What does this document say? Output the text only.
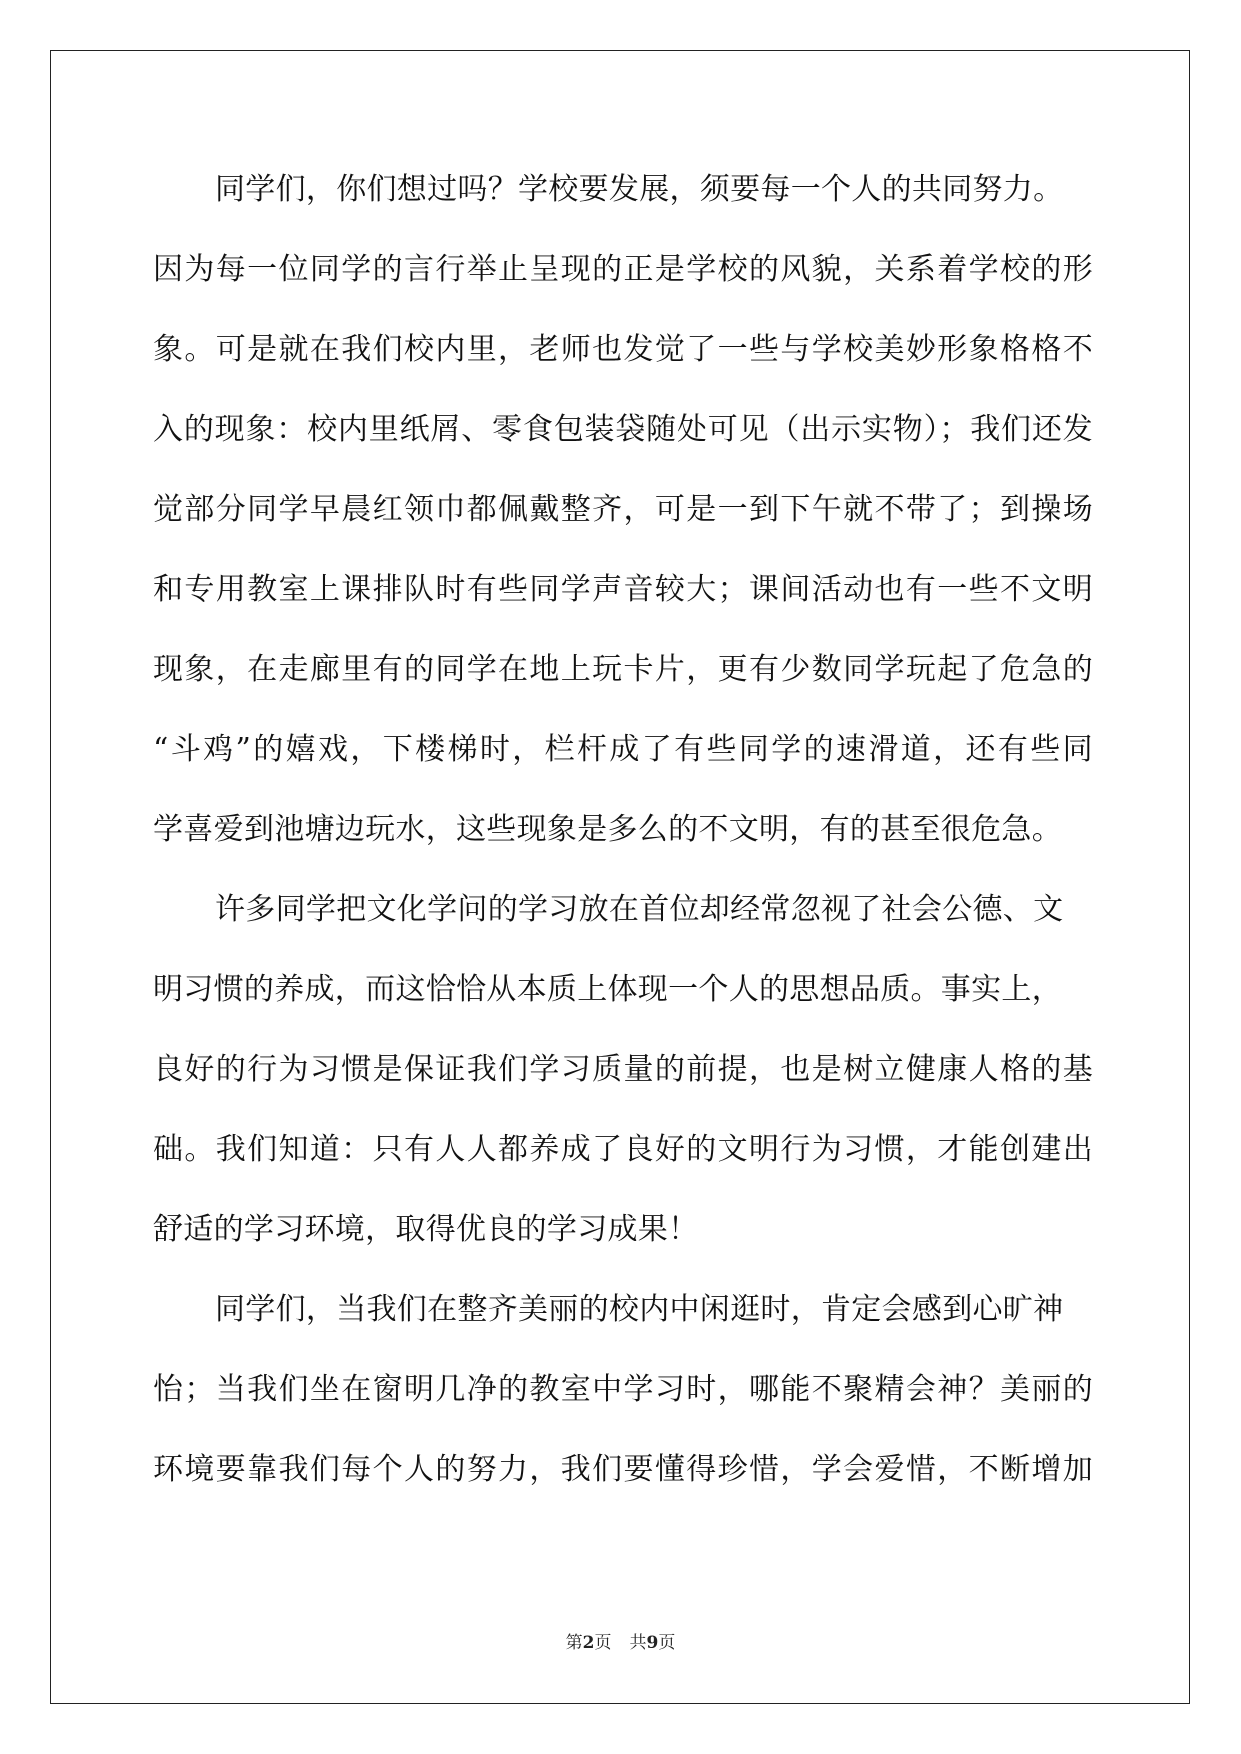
同学们，你们想过吗？学校要发展，须要每一个人的共同努力。
因为每一位同学的言行举止呈现的正是学校的风貌，关系着学校的形
象。可是就在我们校内里，老师也发觉了一些与学校美妙形象格格不
入的现象：校内里纸屑、零食包装袋随处可见（出示实物）；我们还发
觉部分同学早晨红领巾都佩戴整齐，可是一到下午就不带了；到操场
和专用教室上课排队时有些同学声音较大；课间活动也有一些不文明
现象，在走廊里有的同学在地上玩卡片，更有少数同学玩起了危急的
“斗鸡”的嬉戏，下楼梯时，栏杆成了有些同学的速滑道，还有些同
学喜爱到池塘边玩水，这些现象是多么的不文明，有的甚至很危急。
许多同学把文化学问的学习放在首位却经常忽视了社会公德、文
明习惯的养成，而这恰恰从本质上体现一个人的思想品质。事实上，
良好的行为习惯是保证我们学习质量的前提，也是树立健康人格的基
础。我们知道：只有人人都养成了良好的文明行为习惯，才能创建出
舒适的学习环境，取得优良的学习成果！
同学们，当我们在整齐美丽的校内中闲逛时，肯定会感到心旷神
怡；当我们坐在窗明几净的教室中学习时，哪能不聚精会神？美丽的
环境要靠我们每个人的努力，我们要懂得珍惜，学会爱惜，不断增加
第2页 共9页
